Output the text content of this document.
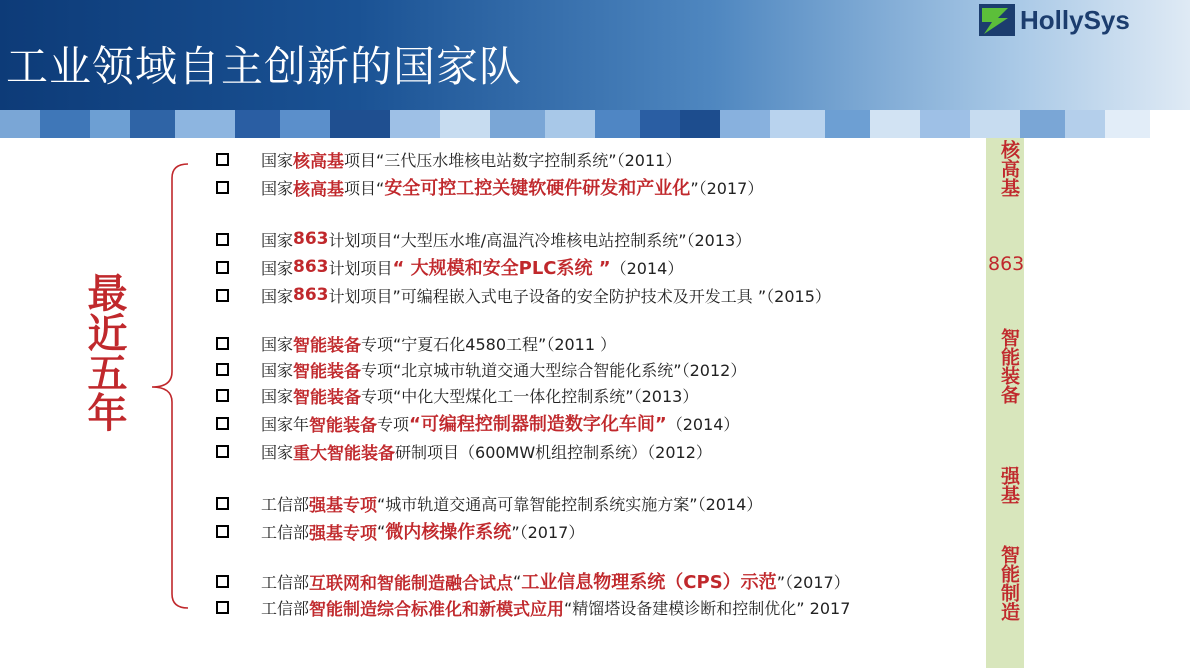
工业领域自主创新的国家队
HollySys
核高基
863
智能装备
强基
智能制造
最近五年
国家 核高基 项目“三代压水堆核电站数字控制系统”（2011）
国家 核高基 项目“ 安全可控工控关键软硬件研发和产业化 ”（2017）
国家 863 计划项目“大型压水堆/高温汽冷堆核电站控制系统”（2013）
国家 863 计划项目 “ 大规模和安全PLC系统 ” （2014）
国家 863 计划项目”可编程嵌入式电子设备的安全防护技术及开发工具 ”（2015）
国家 智能装备 专项“宁夏石化4580工程”（2011 ）
国家 智能装备 专项“北京城市轨道交通大型综合智能化系统”（2012）
国家 智能装备 专项“中化大型煤化工一体化控制系统”（2013）
国家年 智能装备 专项 “可编程控制器制造数字化车间” （2014）
国家 重大智能装备 研制项目（600MW机组控制系统）（2012）
工信部 强基专项 “城市轨道交通高可靠智能控制系统实施方案”（2014）
工信部 强基专项 “ 微内核操作系统 ”（2017）
工信部 互联网和智能制造融合试点 “ 工业信息物理系统（CPS）示范 ”（2017）
工信部 智能制造综合标准化和新模式应用 “精馏塔设备建模诊断和控制优化” 2017
